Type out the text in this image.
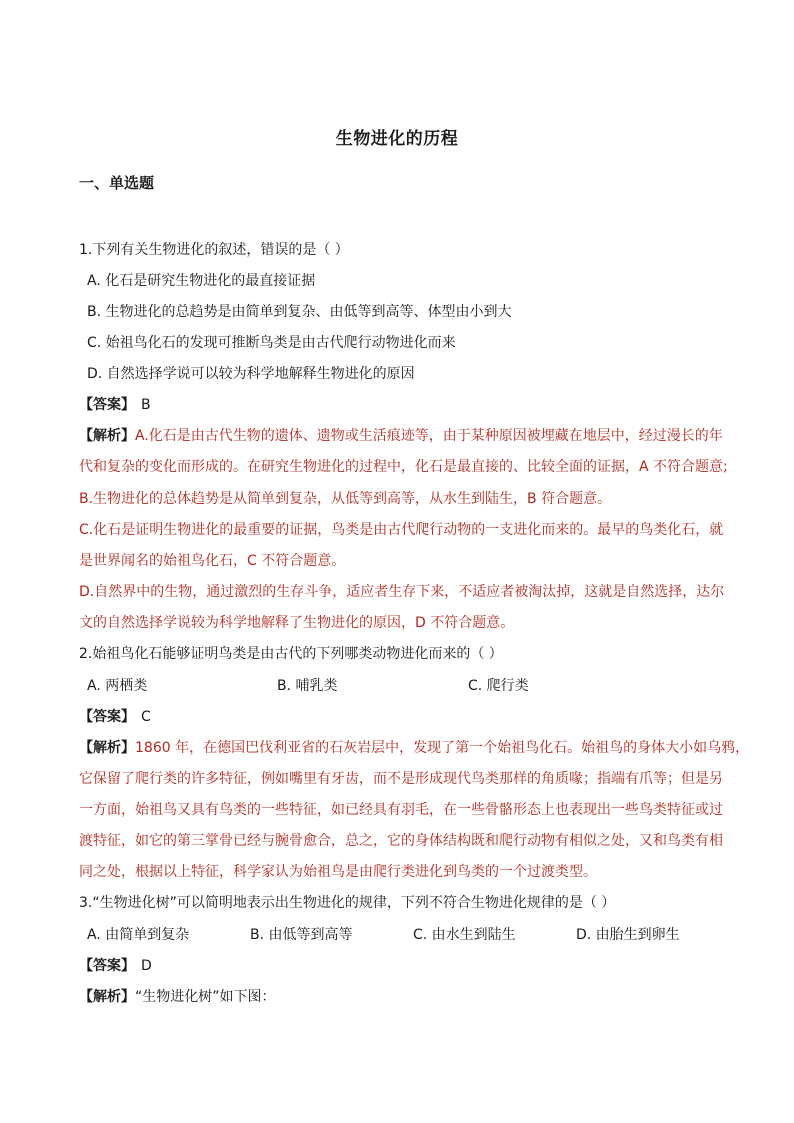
生物进化的历程
一、单选题
1.下列有关生物进化的叙述，错误的是（ ）
A. 化石是研究生物进化的最直接证据
B. 生物进化的总趋势是由简单到复杂、由低等到高等、体型由小到大
C. 始祖鸟化石的发现可推断鸟类是由古代爬行动物进化而来
D. 自然选择学说可以较为科学地解释生物进化的原因
【答案】 B
【解析】A.化石是由古代生物的遗体、遗物或生活痕迹等，由于某种原因被埋藏在地层中，经过漫长的年
代和复杂的变化而形成的。在研究生物进化的过程中，化石是最直接的、比较全面的证据，A 不符合题意;
B.生物进化的总体趋势是从简单到复杂，从低等到高等，从水生到陆生，B 符合题意。
C.化石是证明生物进化的最重要的证据，鸟类是由古代爬行动物的一支进化而来的。最早的鸟类化石，就
是世界闻名的始祖鸟化石，C 不符合题意。
D.自然界中的生物，通过激烈的生存斗争，适应者生存下来，不适应者被淘汰掉，这就是自然选择，达尔
文的自然选择学说较为科学地解释了生物进化的原因，D 不符合题意。
2.始祖鸟化石能够证明鸟类是由古代的下列哪类动物进化而来的（ ）
A. 两栖类	B. 哺乳类	C. 爬行类
【答案】 C
【解析】1860 年，在德国巴伐利亚省的石灰岩层中，发现了第一个始祖鸟化石。始祖鸟的身体大小如乌鸦，
它保留了爬行类的许多特征，例如嘴里有牙齿，而不是形成现代鸟类那样的角质喙；指端有爪等；但是另
一方面，始祖鸟又具有鸟类的一些特征，如已经具有羽毛，在一些骨骼形态上也表现出一些鸟类特征或过
渡特征，如它的第三掌骨已经与腕骨愈合，总之，它的身体结构既和爬行动物有相似之处，又和鸟类有相
同之处，根据以上特征，科学家认为始祖鸟是由爬行类进化到鸟类的一个过渡类型。
3.“生物进化树”可以简明地表示出生物进化的规律，下列不符合生物进化规律的是（ ）
A. 由简单到复杂	B. 由低等到高等	C. 由水生到陆生	D. 由胎生到卵生
【答案】 D
【解析】“生物进化树”如下图：
